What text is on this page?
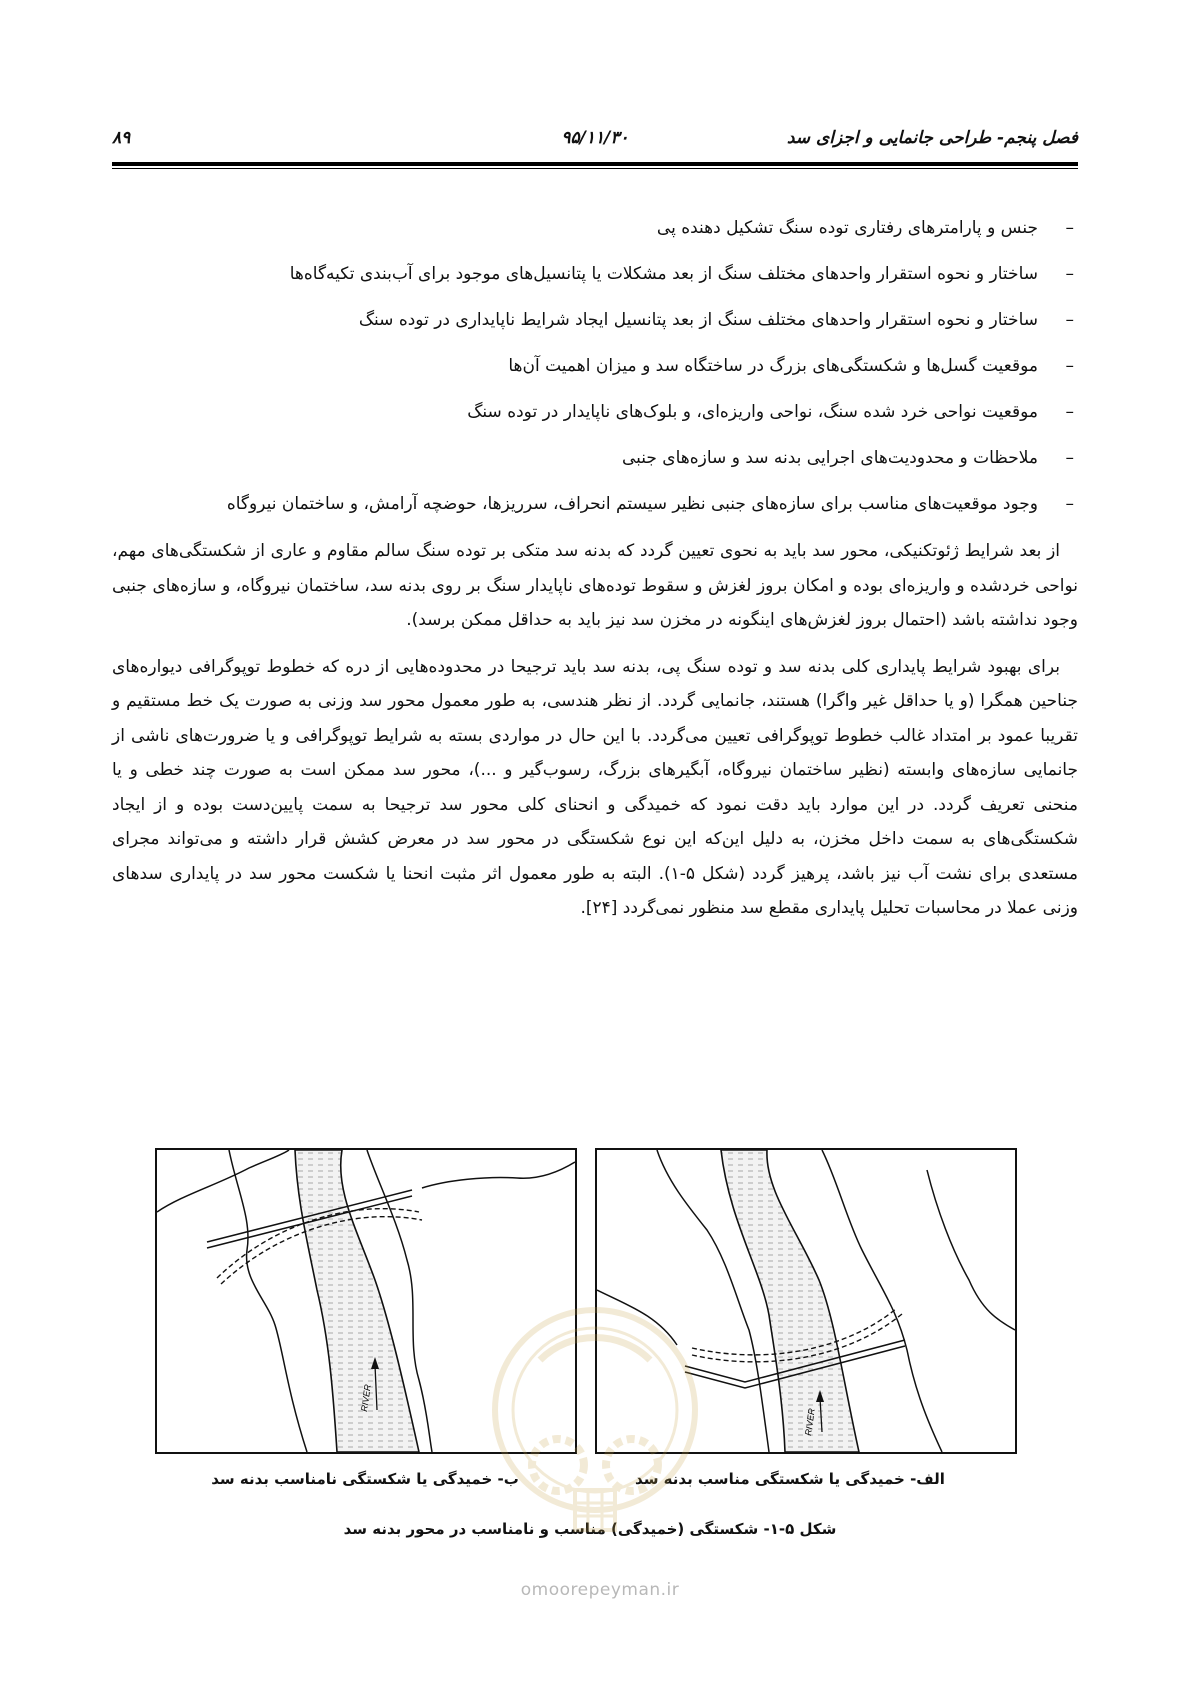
فصل پنجم- طراحی جانمایی و اجزای سد
۹۵/۱۱/۳۰
۸۹
–
جنس و پارامترهای رفتاری توده سنگ تشکیل دهنده پی
–
ساختار و نحوه استقرار واحدهای مختلف سنگ از بعد مشکلات یا پتانسیل‌های موجود برای آب‌بندی تکیه‌گاه‌ها
–
ساختار و نحوه استقرار واحدهای مختلف سنگ از بعد پتانسیل ایجاد شرایط ناپایداری در توده سنگ
–
موقعیت گسل‌ها و شکستگی‌های بزرگ در ساختگاه سد و میزان اهمیت آن‌ها
–
موقعیت نواحی خرد شده سنگ، نواحی واریزه‌ای، و بلوک‌های ناپایدار در توده سنگ
–
ملاحظات و محدودیت‌های اجرایی بدنه سد و سازه‌های جنبی
–
وجود موقعیت‌های مناسب برای سازه‌های جنبی نظیر سیستم انحراف، سرریزها، حوضچه آرامش، و ساختمان نیروگاه

از بعد شرایط ژئوتکنیکی، محور سد باید به نحوی تعیین گردد که بدنه سد متکی بر توده سنگ سالم مقاوم و عاری از شکستگی‌های مهم، نواحی خردشده و واریزه‌ای بوده و امکان بروز لغزش و سقوط توده‌های ناپایدار سنگ بر روی بدنه سد، ساختمان نیروگاه، و سازه‌های جنبی وجود نداشته باشد (احتمال بروز لغزش‌های اینگونه در مخزن سد نیز باید به حداقل ممکن برسد).

برای بهبود شرایط پایداری کلی بدنه سد و توده سنگ پی، بدنه سد باید ترجیحا در محدوده‌هایی از دره که خطوط توپوگرافی دیواره‌های جناحین همگرا (و یا حداقل غیر واگرا) هستند، جانمایی گردد. از نظر هندسی، به طور معمول محور سد وزنی به صورت یک خط مستقیم و تقریبا عمود بر امتداد غالب خطوط توپوگرافی تعیین می‌گردد. با این حال در مواردی بسته به شرایط توپوگرافی و یا ضرورت‌های ناشی از جانمایی سازه‌های وابسته (نظیر ساختمان نیروگاه، آبگیرهای بزرگ، رسوب‌گیر و ...)، محور سد ممکن است به صورت چند خطی و یا منحنی تعریف گردد. در این موارد باید دقت نمود که خمیدگی و انحنای کلی محور سد ترجیحا به سمت پایین‌دست بوده و از ایجاد شکستگی‌های به سمت داخل مخزن، به دلیل این‌که این نوع شکستگی در محور سد در معرض کشش قرار داشته و می‌تواند مجرای مستعدی برای نشت آب نیز باشد، پرهیز گردد (شکل ۵-۱). البته به طور معمول اثر مثبت انحنا یا شکست محور سد در پایداری سدهای وزنی عملا در محاسبات تحلیل پایداری مقطع سد منظور نمی‌گردد [۲۴].

RIVER
RIVER
الف- خمیدگی یا شکستگی مناسب بدنه سد
ب- خمیدگی یا شکستگی نامناسب بدنه سد
شکل ۵-۱- شکستگی (خمیدگی) مناسب و نامناسب در محور بدنه سد
omoorepeyman.ir
